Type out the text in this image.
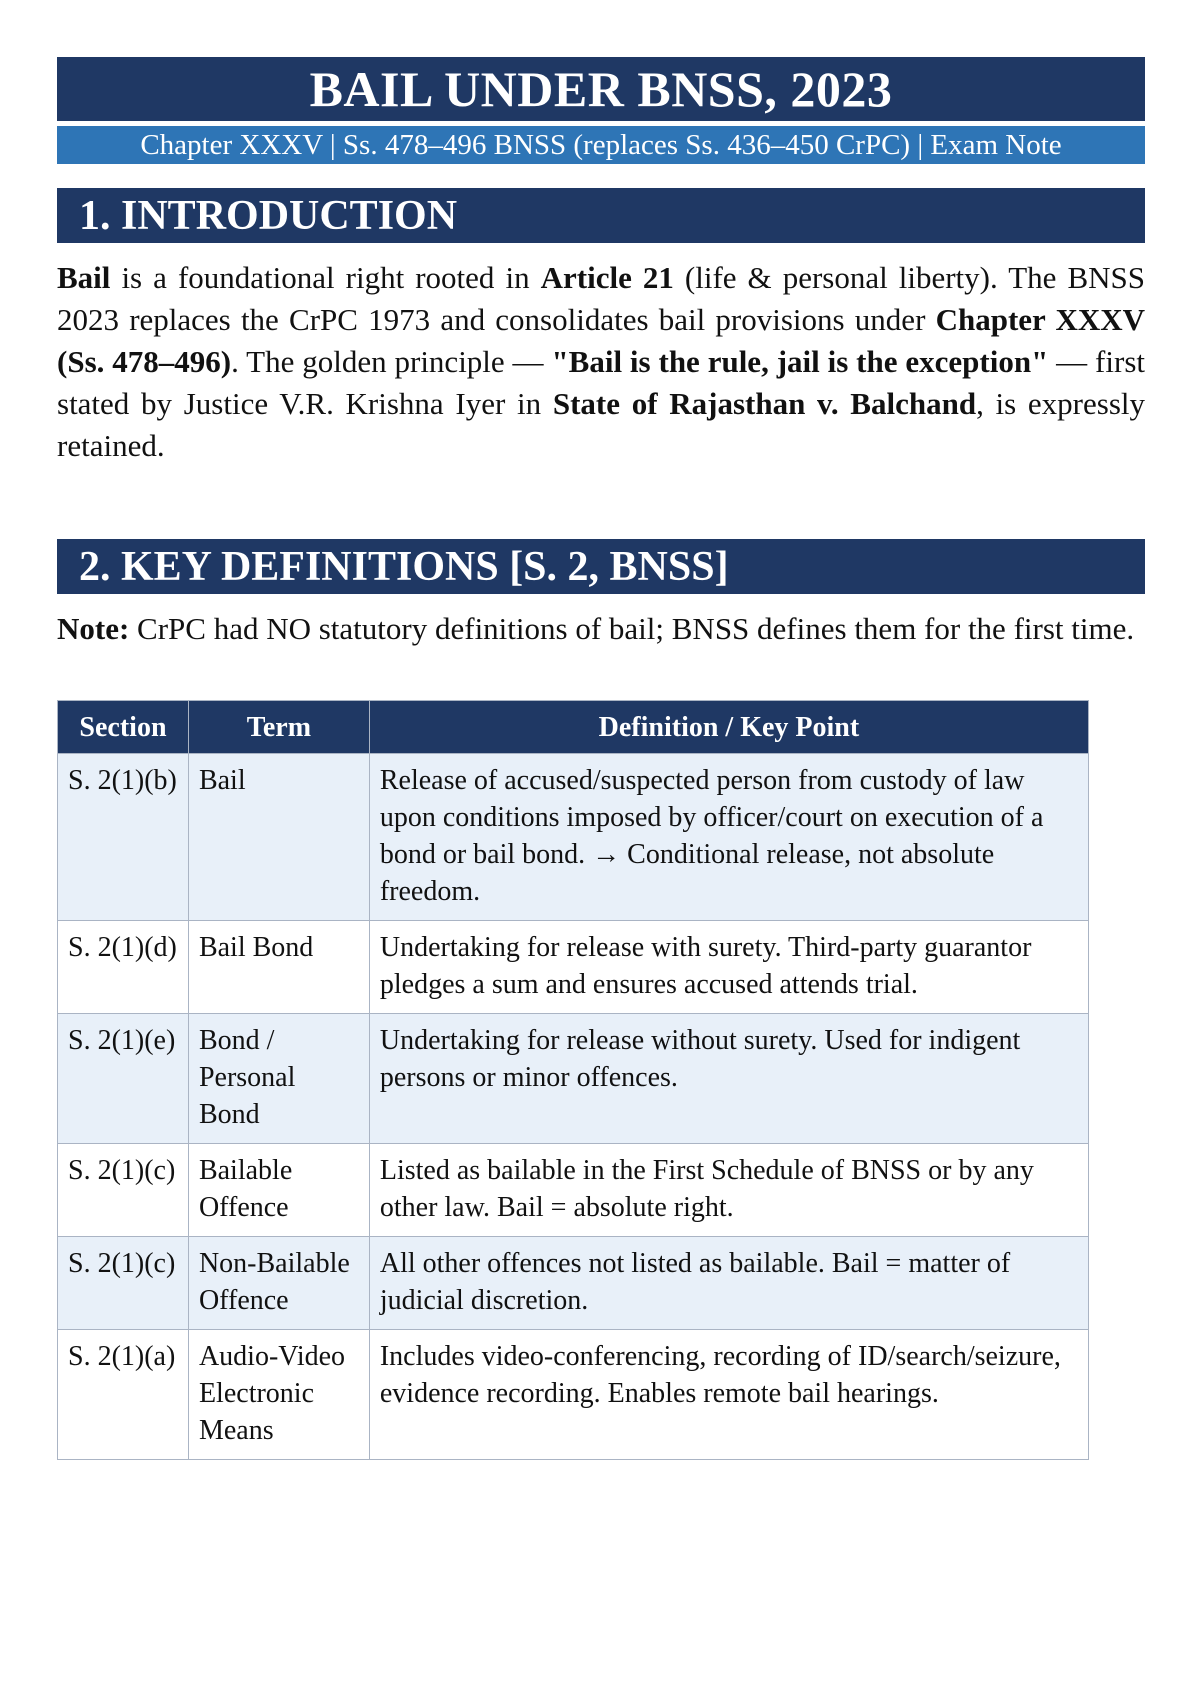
BAIL UNDER BNSS, 2023
Chapter XXXV | Ss. 478–496 BNSS (replaces Ss. 436–450 CrPC) | Exam Note
1. INTRODUCTION
Bail is a foundational right rooted in Article 21 (life & personal liberty). The BNSS 2023 replaces the CrPC 1973 and consolidates bail provisions under Chapter XXXV (Ss. 478–496). The golden principle — "Bail is the rule, jail is the exception" — first stated by Justice V.R. Krishna Iyer in State of Rajasthan v. Balchand, is expressly retained.
2. KEY DEFINITIONS [S. 2, BNSS]
Note: CrPC had NO statutory definitions of bail; BNSS defines them for the first time.
Section	Term	Definition / Key Point
S. 2(1)(b)	Bail	Release of accused/suspected person from custody of law upon conditions imposed by officer/court on execution of a bond or bail bond. → Conditional release, not absolute freedom.
S. 2(1)(d)	Bail Bond	Undertaking for release with surety. Third-party guarantor pledges a sum and ensures accused attends trial.
S. 2(1)(e)	Bond / Personal Bond	Undertaking for release without surety. Used for indigent persons or minor offences.
S. 2(1)(c)	Bailable Offence	Listed as bailable in the First Schedule of BNSS or by any other law. Bail = absolute right.
S. 2(1)(c)	Non-Bailable Offence	All other offences not listed as bailable. Bail = matter of judicial discretion.
S. 2(1)(a)	Audio-Video Electronic Means	Includes video-conferencing, recording of ID/search/seizure, evidence recording. Enables remote bail hearings.
